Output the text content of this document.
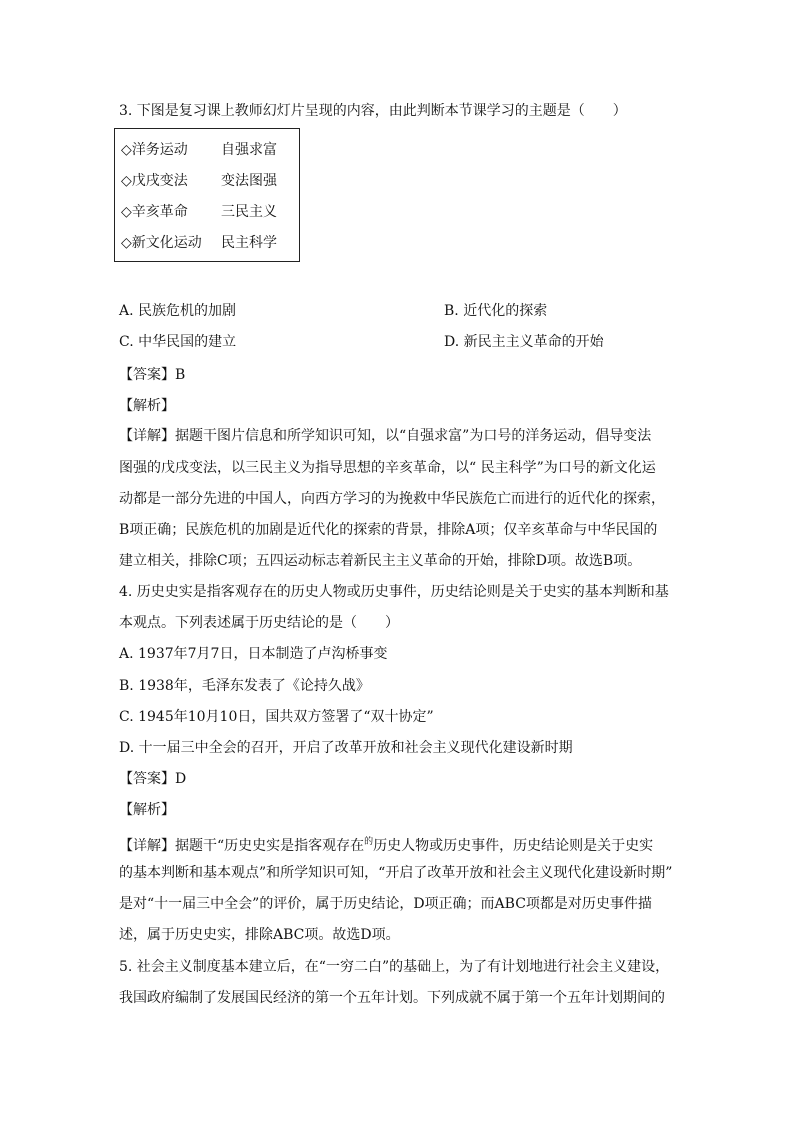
3. 下图是复习课上教师幻灯片呈现的内容，由此判断本节课学习的主题是（　　）

◇洋务运动 自强求富
◇戊戌变法 变法图强
◇辛亥革命 三民主义
◇新文化运动 民主科学
A. 民族危机的加剧	B. 近代化的探索
C. 中华民国的建立	D. 新民主主义革命的开始

【答案】B

【解析】

【详解】据题干图片信息和所学知识可知，以“自强求富”为口号的洋务运动，倡导变法

图强的戊戌变法，以三民主义为指导思想的辛亥革命，以“ 民主科学”为口号的新文化运

动都是一部分先进的中国人，向西方学习的为挽救中华民族危亡而进行的近代化的探索，

B项正确；民族危机的加剧是近代化的探索的背景，排除A项；仅辛亥革命与中华民国的

建立相关，排除C项；五四运动标志着新民主主义革命的开始，排除D项。故选B项。

4. 历史史实是指客观存在的历史人物或历史事件，历史结论则是关于史实的基本判断和基

本观点。下列表述属于历史结论的是（　　）

A. 1937年7月7日，日本制造了卢沟桥事变

B. 1938年，毛泽东发表了《论持久战》

C. 1945年10月10日，国共双方签署了“双十协定”

D. 十一届三中全会的召开，开启了改革开放和社会主义现代化建设新时期

【答案】D

【解析】

【详解】据题干“历史史实是指客观存在$^的$历史人物或历史事件，历史结论则是关于史实

的基本判断和基本观点”和所学知识可知，“开启了改革开放和社会主义现代化建设新时期”

是对“十一届三中全会”的评价，属于历史结论，D项正确；而ABC项都是对历史事件描

述，属于历史史实，排除ABC项。故选D项。

5. 社会主义制度基本建立后，在“一穷二白”的基础上，为了有计划地进行社会主义建设，

我国政府编制了发展国民经济的第一个五年计划。下列成就不属于第一个五年计划期间的
